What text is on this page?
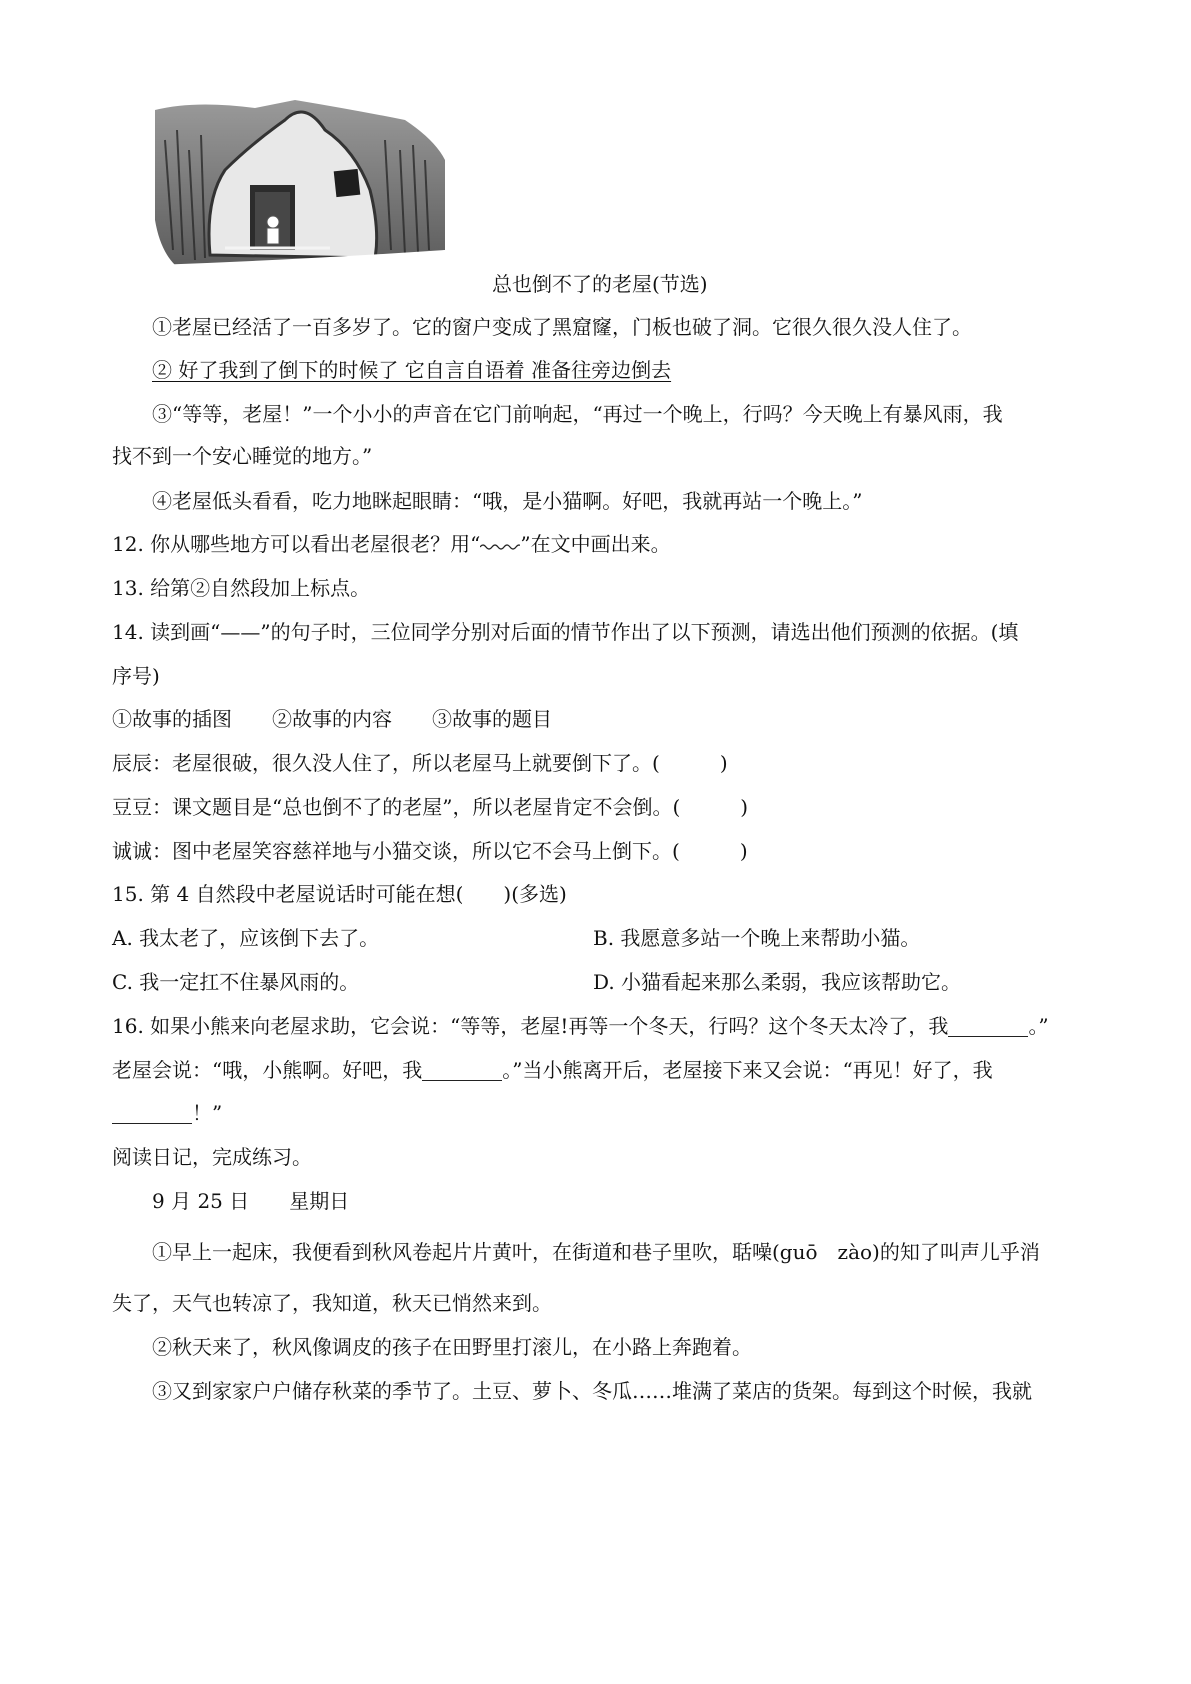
总也倒不了的老屋(节选)
①老屋已经活了一百多岁了。它的窗户变成了黑窟窿，门板也破了洞。它很久很久没人住了。
② 好了我到了倒下的时候了 它自言自语着 准备往旁边倒去
③“等等，老屋！”一个小小的声音在它门前响起，“再过一个晚上，行吗？今天晚上有暴风雨，我
找不到一个安心睡觉的地方。”
④老屋低头看看，吃力地眯起眼睛：“哦，是小猫啊。好吧，我就再站一个晚上。”
12. 你从哪些地方可以看出老屋很老？用“ ”在文中画出来。
13. 给第②自然段加上标点。
14. 读到画“——”的句子时，三位同学分别对后面的情节作出了以下预测，请选出他们预测的依据。(填
序号)
①故事的插图　　②故事的内容　　③故事的题目
辰辰：老屋很破，很久没人住了，所以老屋马上就要倒下了。(	)
豆豆：课文题目是“总也倒不了的老屋”，所以老屋肯定不会倒。(	)
诚诚：图中老屋笑容慈祥地与小猫交谈，所以它不会马上倒下。(	)
15. 第 4 自然段中老屋说话时可能在想(　　)(多选)
A. 我太老了，应该倒下去了。	B. 我愿意多站一个晚上来帮助小猫。
C. 我一定扛不住暴风雨的。	D. 小猫看起来那么柔弱，我应该帮助它。
16. 如果小熊来向老屋求助，它会说：“等等，老屋!再等一个冬天，行吗？这个冬天太冷了，我	。”
老屋会说：“哦，小熊啊。好吧，我	。”当小熊离开后，老屋接下来又会说：“再见！好了，我
！”
阅读日记，完成练习。
9 月 25 日　　星期日
①早上一起床，我便看到秋风卷起片片黄叶，在街道和巷子里吹，聒噪(guō　zào)的知了叫声儿乎消
失了，天气也转凉了，我知道，秋天已悄然来到。
②秋天来了，秋风像调皮的孩子在田野里打滚儿，在小路上奔跑着。
③又到家家户户储存秋菜的季节了。土豆、萝卜、冬瓜……堆满了菜店的货架。每到这个时候，我就
